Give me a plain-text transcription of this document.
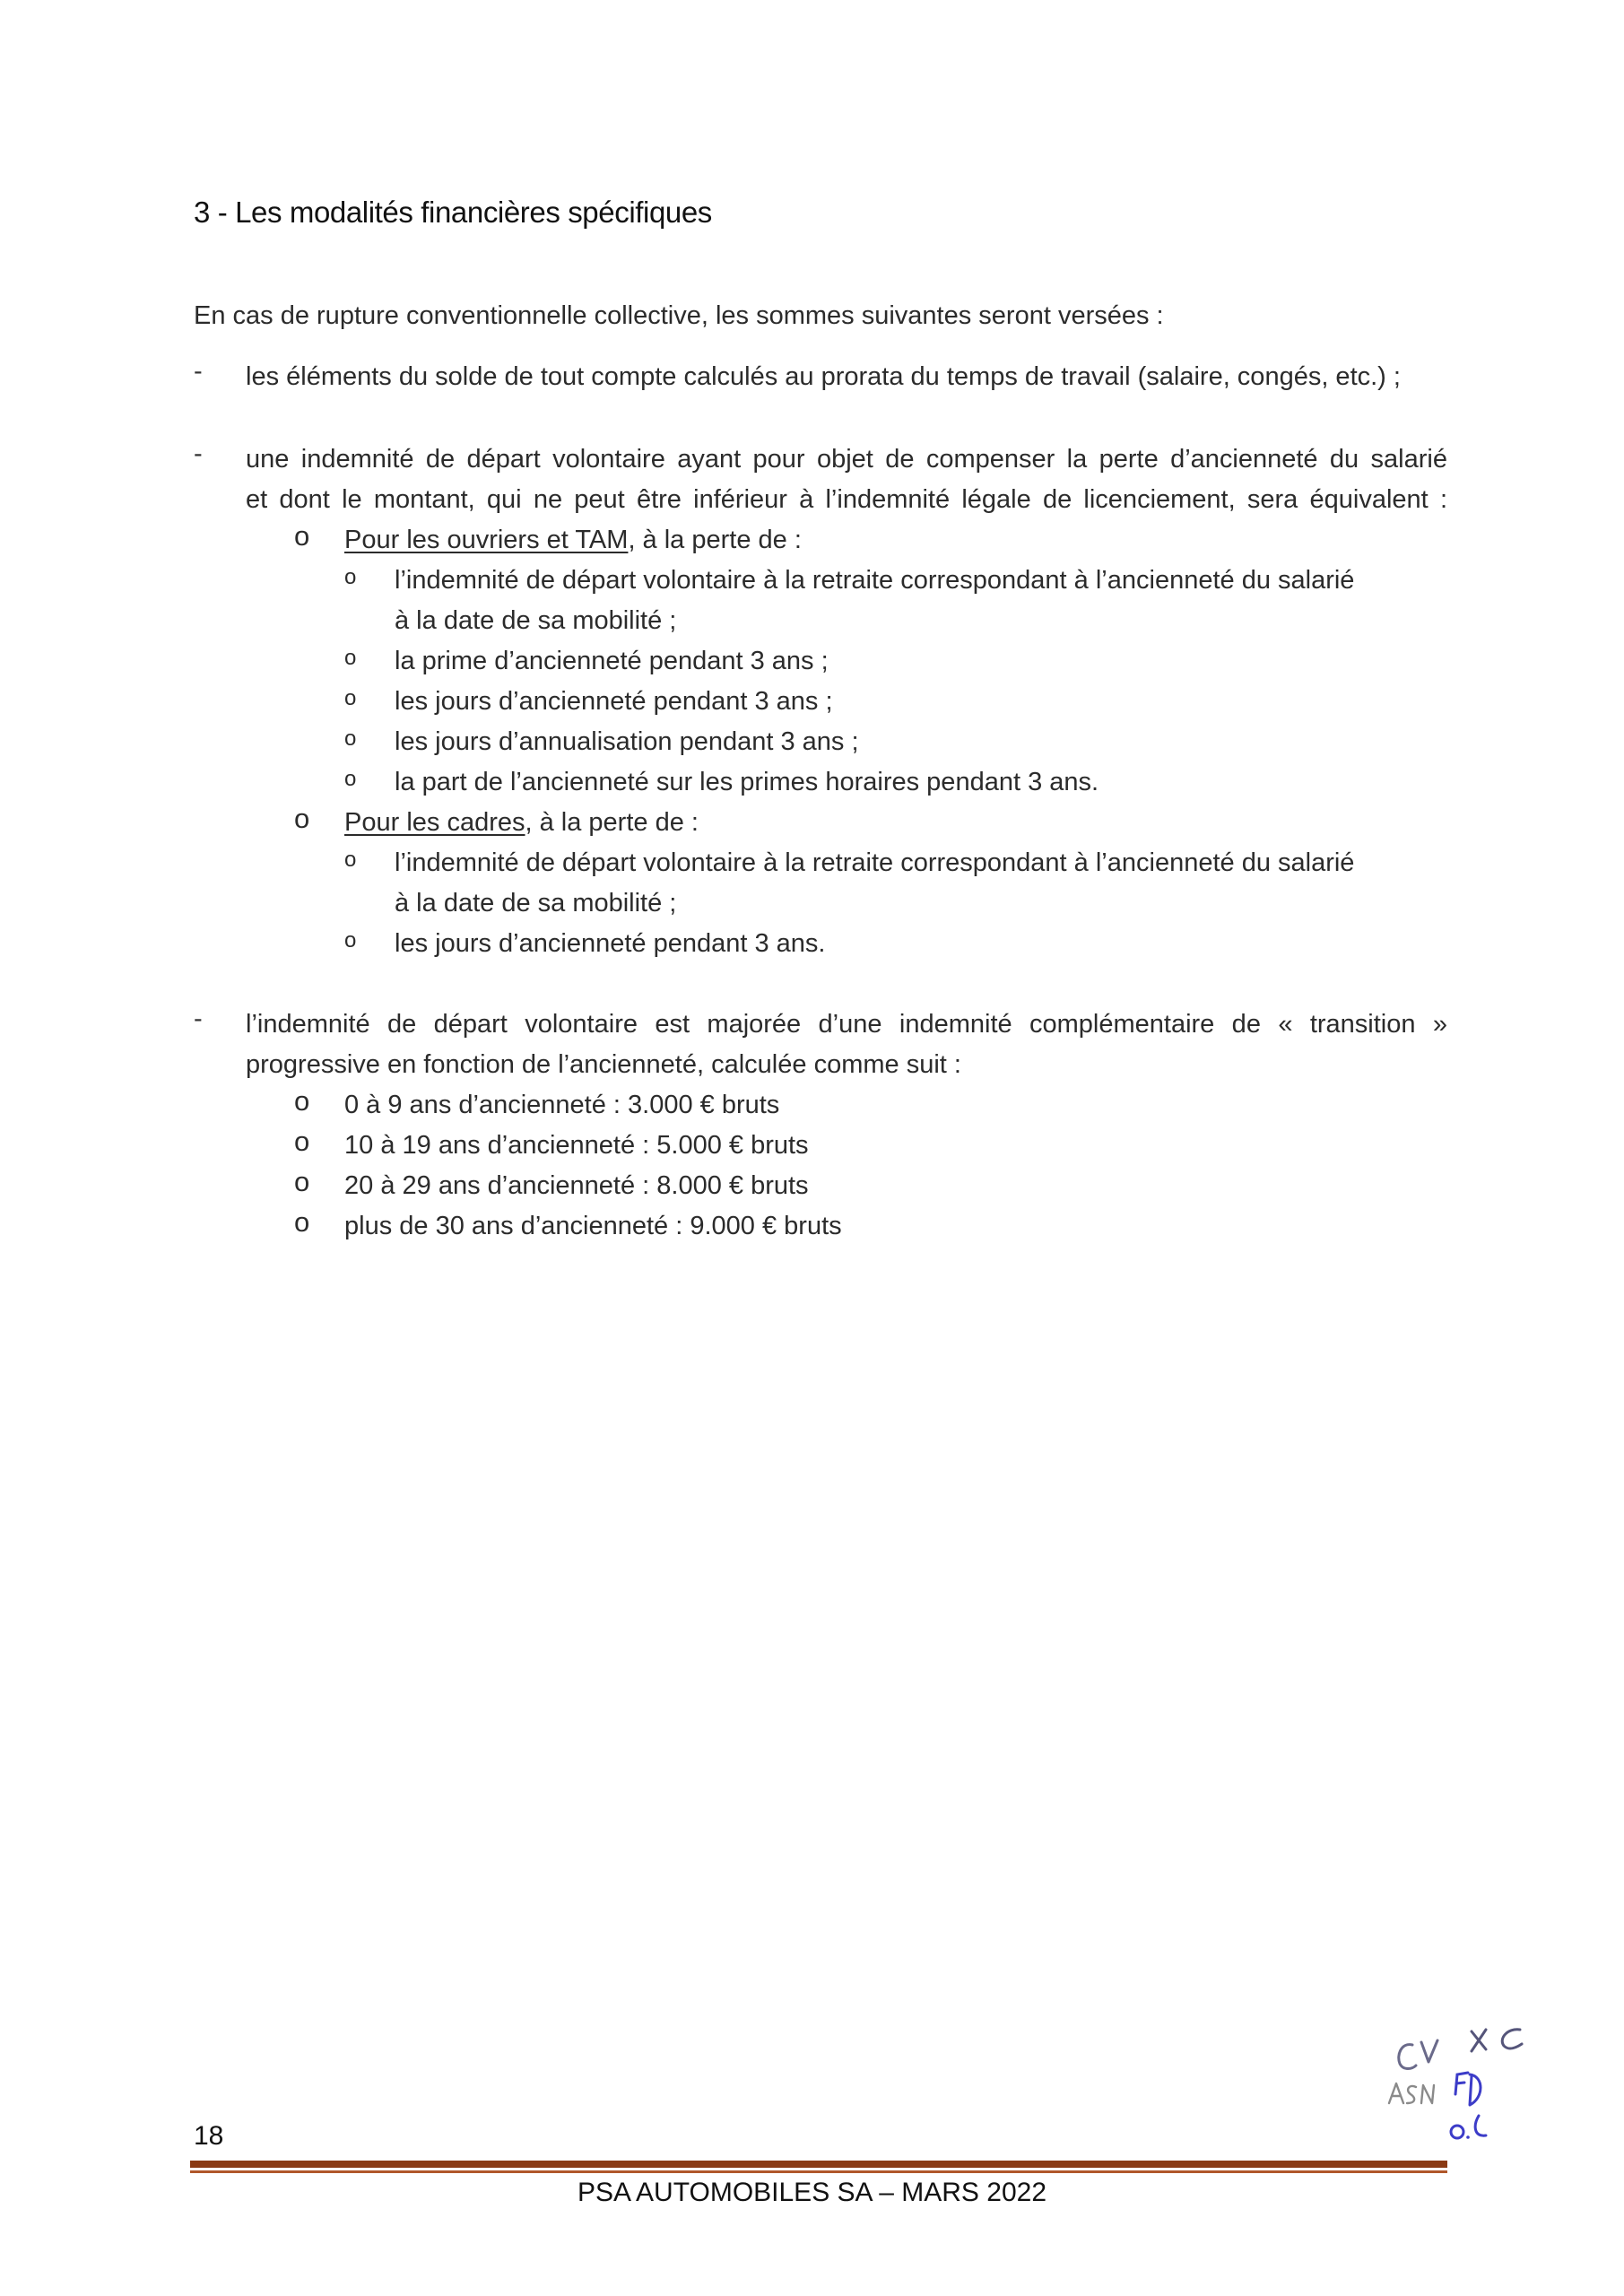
3 - Les modalités financières spécifiques
En cas de rupture conventionnelle collective, les sommes suivantes seront versées :
- les éléments du solde de tout compte calculés au prorata du temps de travail (salaire, congés, etc.) ;
- une indemnité de départ volontaire ayant pour objet de compenser la perte d’ancienneté du salarié
et dont le montant, qui ne peut être inférieur à l’indemnité légale de licenciement, sera équivalent :
o Pour les ouvriers et TAM, à la perte de :
o l’indemnité de départ volontaire à la retraite correspondant à l’ancienneté du salarié
à la date de sa mobilité ;
o la prime d’ancienneté pendant 3 ans ;
o les jours d’ancienneté pendant 3 ans ;
o les jours d’annualisation pendant 3 ans ;
o la part de l’ancienneté sur les primes horaires pendant 3 ans.
o Pour les cadres, à la perte de :
o l’indemnité de départ volontaire à la retraite correspondant à l’ancienneté du salarié
à la date de sa mobilité ;
o les jours d’ancienneté pendant 3 ans.
- l’indemnité de départ volontaire est majorée d’une indemnité complémentaire de « transition »
progressive en fonction de l’ancienneté, calculée comme suit :
o 0 à 9 ans d’ancienneté : 3.000 € bruts
o 10 à 19 ans d’ancienneté : 5.000 € bruts
o 20 à 29 ans d’ancienneté : 8.000 € bruts
o plus de 30 ans d’ancienneté : 9.000 € bruts
18
PSA AUTOMOBILES SA – MARS 2022
